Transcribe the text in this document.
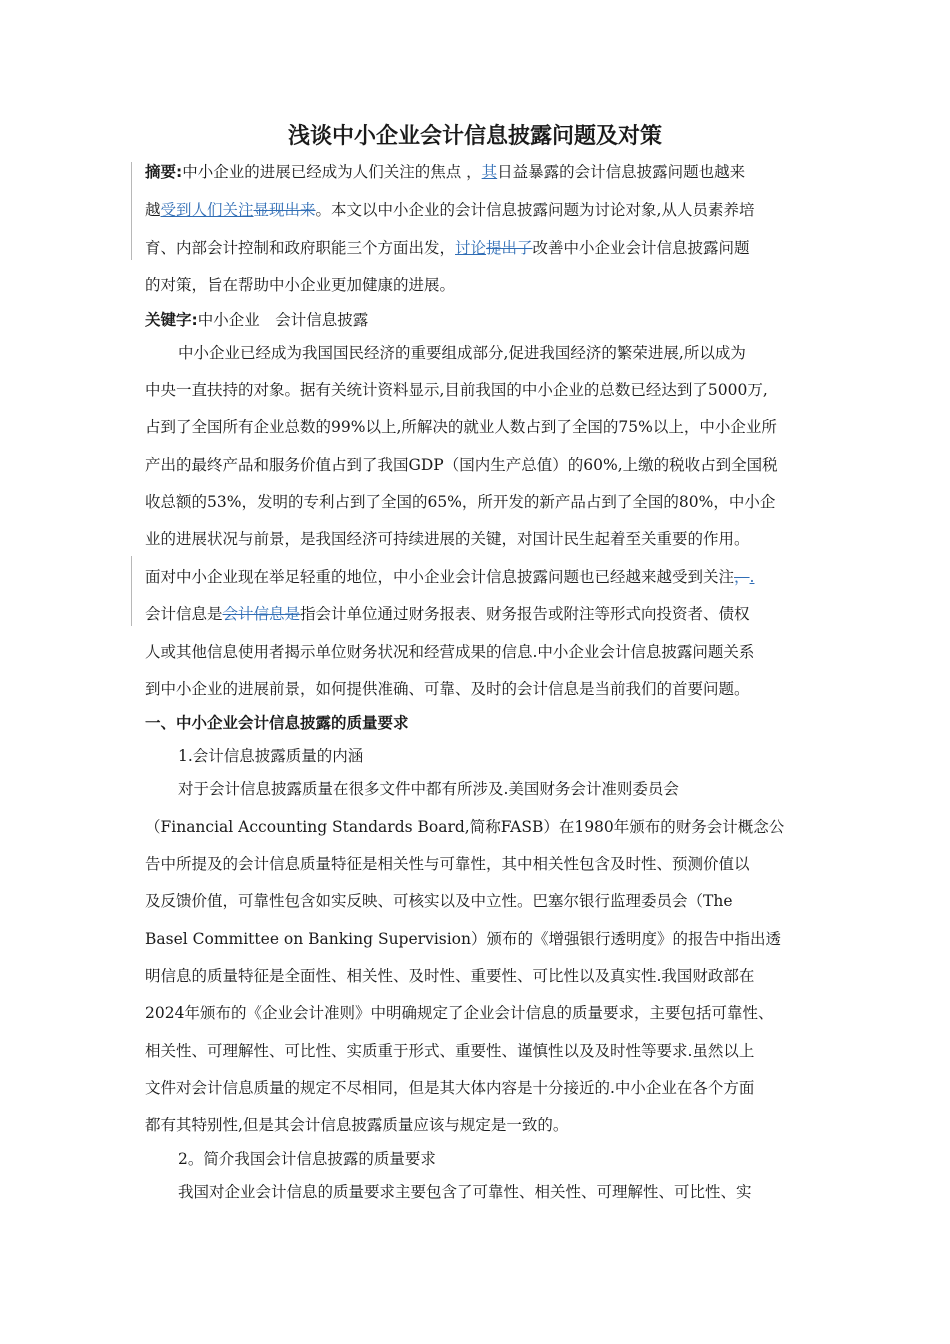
浅谈中小企业会计信息披露问题及对策
摘要:中小企业的进展已经成为人们关注的焦点 ，其日益暴露的会计信息披露问题也越来
越受到人们关注显现出来。本文以中小企业的会计信息披露问题为讨论对象,从人员素养培
育、内部会计控制和政府职能三个方面出发，讨论提出了改善中小企业会计信息披露问题
的对策，旨在帮助中小企业更加健康的进展。
关键字:中小企业　会计信息披露
中小企业已经成为我国国民经济的重要组成部分,促进我国经济的繁荣进展,所以成为
中央一直扶持的对象。据有关统计资料显示,目前我国的中小企业的总数已经达到了5000万,
占到了全国所有企业总数的99%以上,所解决的就业人数占到了全国的75%以上，中小企业所
产出的最终产品和服务价值占到了我国GDP（国内生产总值）的60%,上缴的税收占到全国税
收总额的53%，发明的专利占到了全国的65%，所开发的新产品占到了全国的80%，中小企
业的进展状况与前景，是我国经济可持续进展的关键，对国计民生起着至关重要的作用。
面对中小企业现在举足轻重的地位，中小企业会计信息披露问题也已经越来越受到关注，.
会计信息是会计信息是指会计单位通过财务报表、财务报告或附注等形式向投资者、债权
人或其他信息使用者揭示单位财务状况和经营成果的信息.中小企业会计信息披露问题关系
到中小企业的进展前景，如何提供准确、可靠、及时的会计信息是当前我们的首要问题。
一、中小企业会计信息披露的质量要求
1.会计信息披露质量的内涵
对于会计信息披露质量在很多文件中都有所涉及.美国财务会计准则委员会
（Financial Accounting Standards Board,简称FASB）在1980年颁布的财务会计概念公
告中所提及的会计信息质量特征是相关性与可靠性，其中相关性包含及时性、预测价值以
及反馈价值，可靠性包含如实反映、可核实以及中立性。巴塞尔银行监理委员会（The
Basel Committee on Banking Supervision）颁布的《增强银行透明度》的报告中指出透
明信息的质量特征是全面性、相关性、及时性、重要性、可比性以及真实性.我国财政部在
2024年颁布的《企业会计准则》中明确规定了企业会计信息的质量要求，主要包括可靠性、
相关性、可理解性、可比性、实质重于形式、重要性、谨慎性以及及时性等要求.虽然以上
文件对会计信息质量的规定不尽相同，但是其大体内容是十分接近的.中小企业在各个方面
都有其特别性,但是其会计信息披露质量应该与规定是一致的。
2。简介我国会计信息披露的质量要求
我国对企业会计信息的质量要求主要包含了可靠性、相关性、可理解性、可比性、实
